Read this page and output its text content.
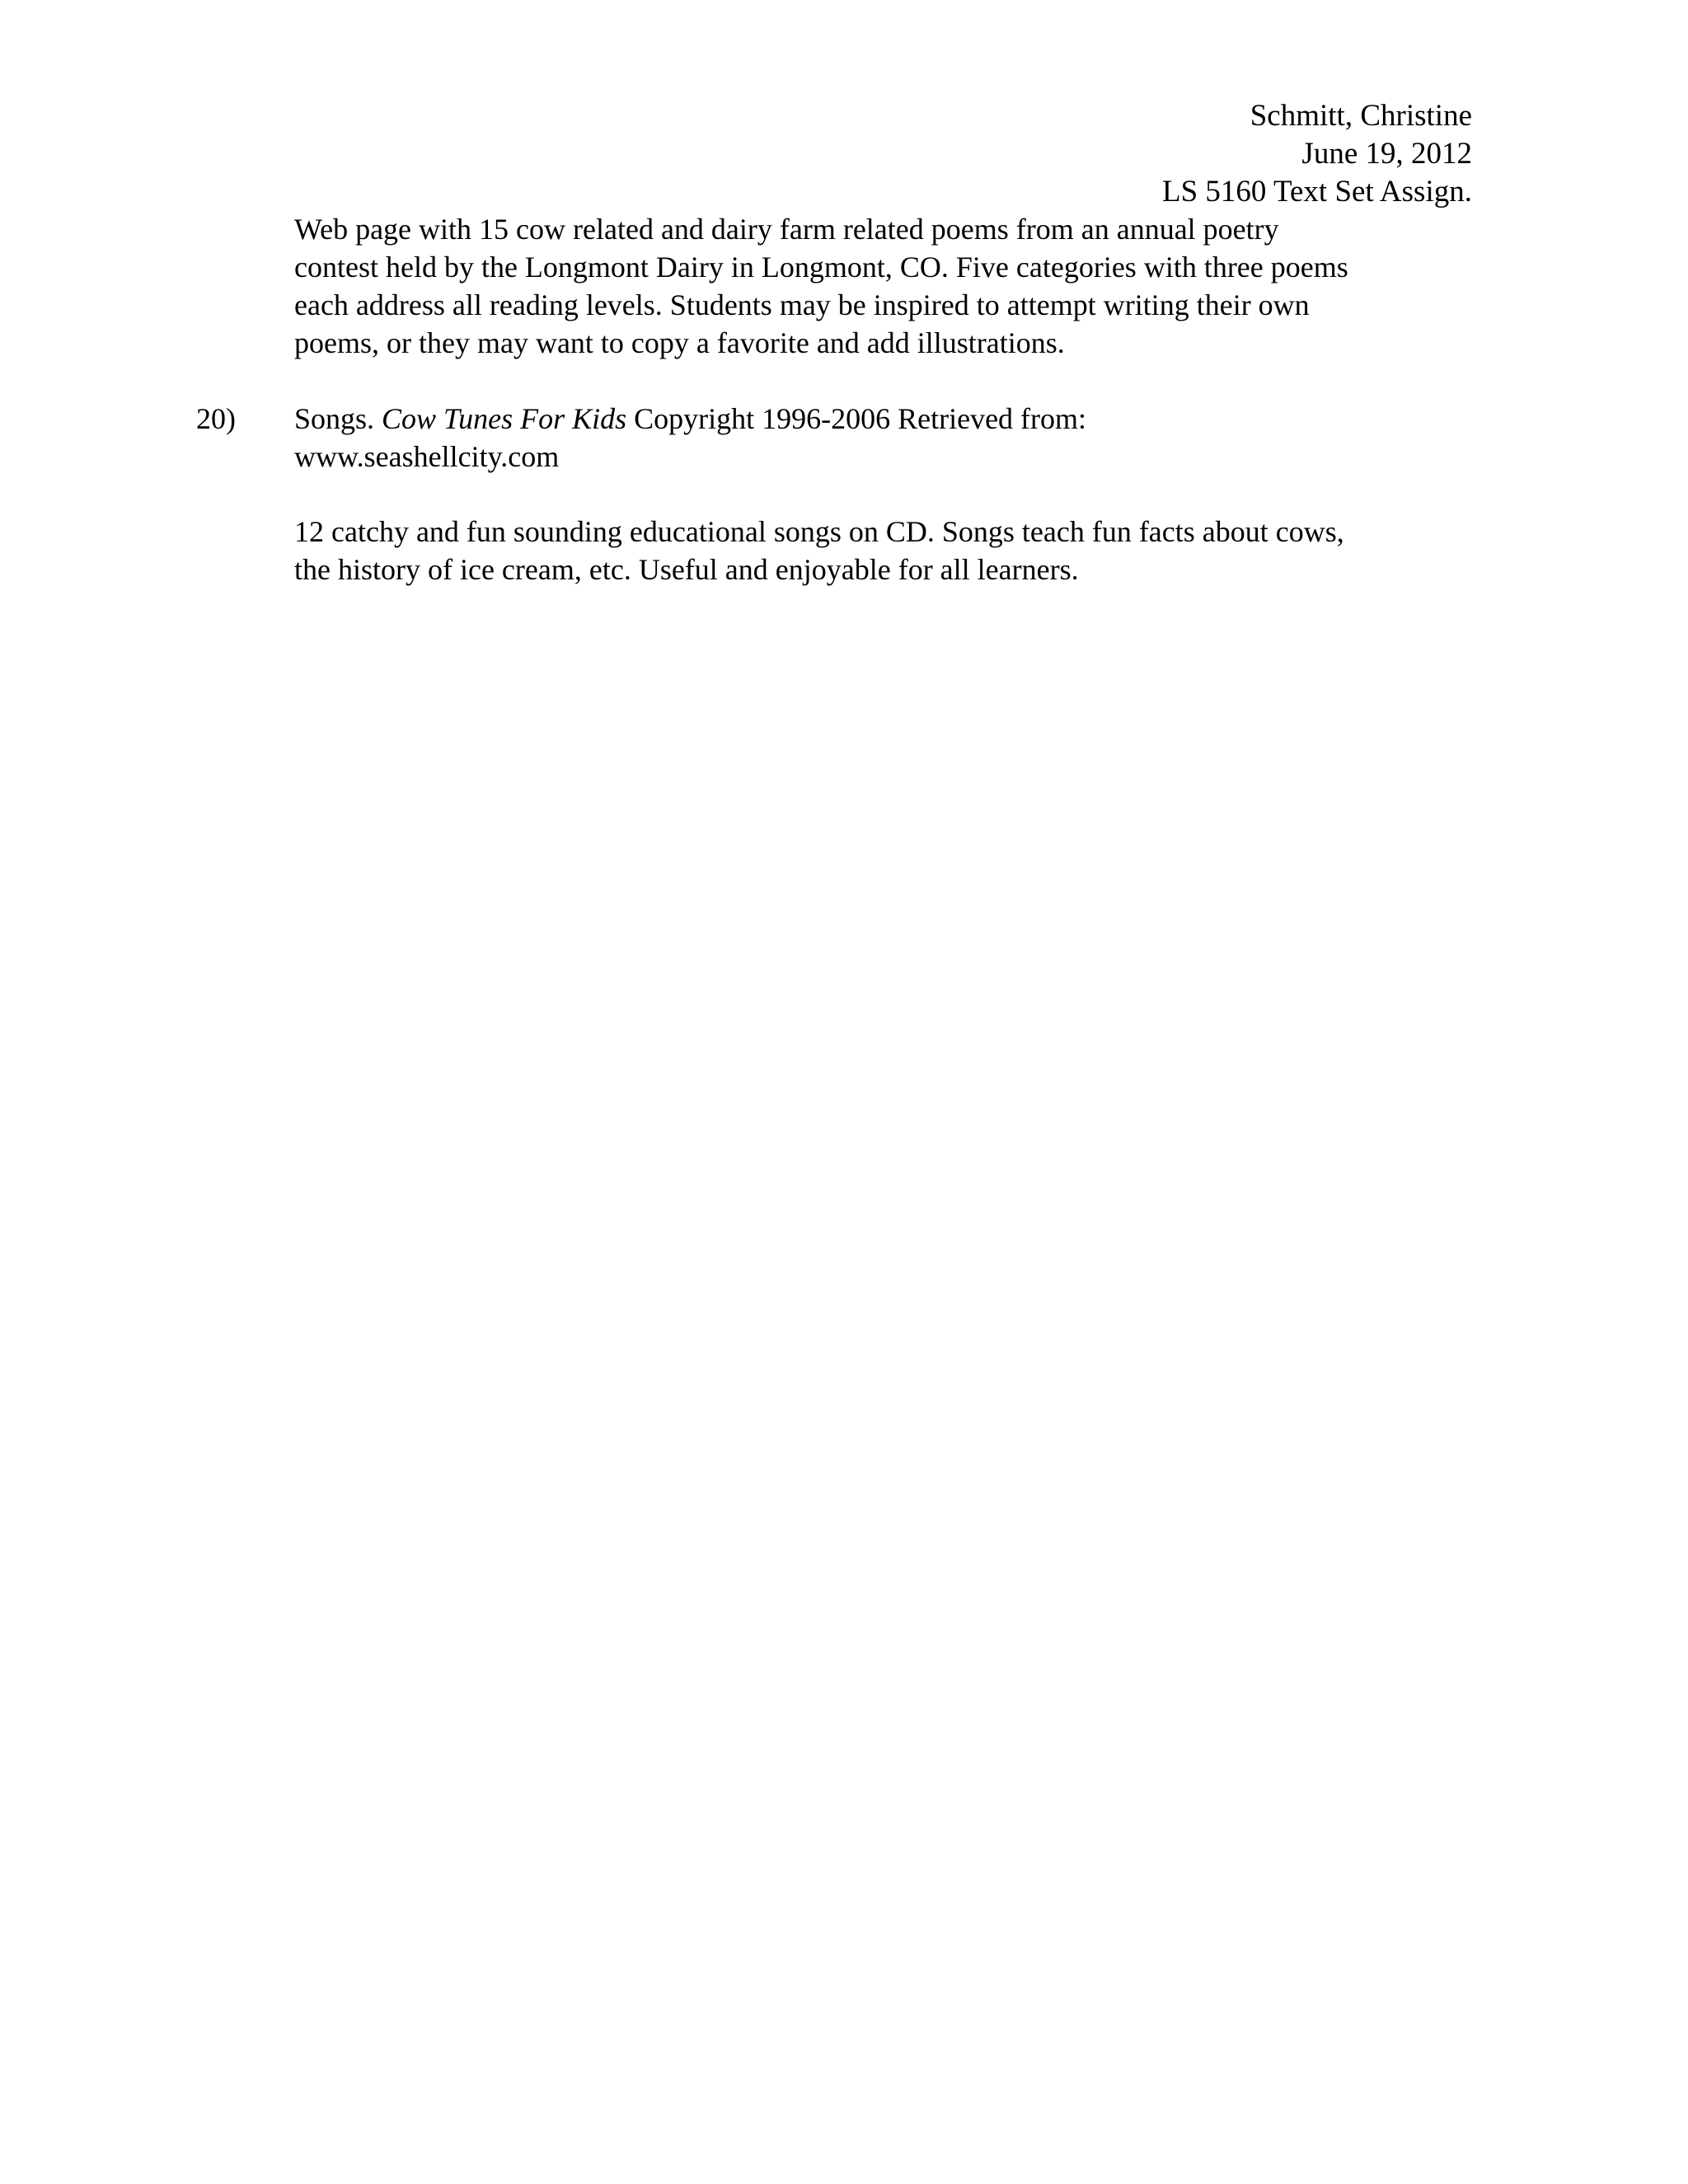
Schmitt, Christine
June 19, 2012
LS 5160 Text Set Assign.
Web page with 15 cow related and dairy farm related poems from an annual poetry
contest held by the Longmont Dairy in Longmont, CO. Five categories with three poems
each address all reading levels. Students may be inspired to attempt writing their own
poems, or they may want to copy a favorite and add illustrations.
20) Songs. Cow Tunes For Kids Copyright 1996-2006 Retrieved from:
www.seashellcity.com
12 catchy and fun sounding educational songs on CD. Songs teach fun facts about cows,
the history of ice cream, etc. Useful and enjoyable for all learners.
